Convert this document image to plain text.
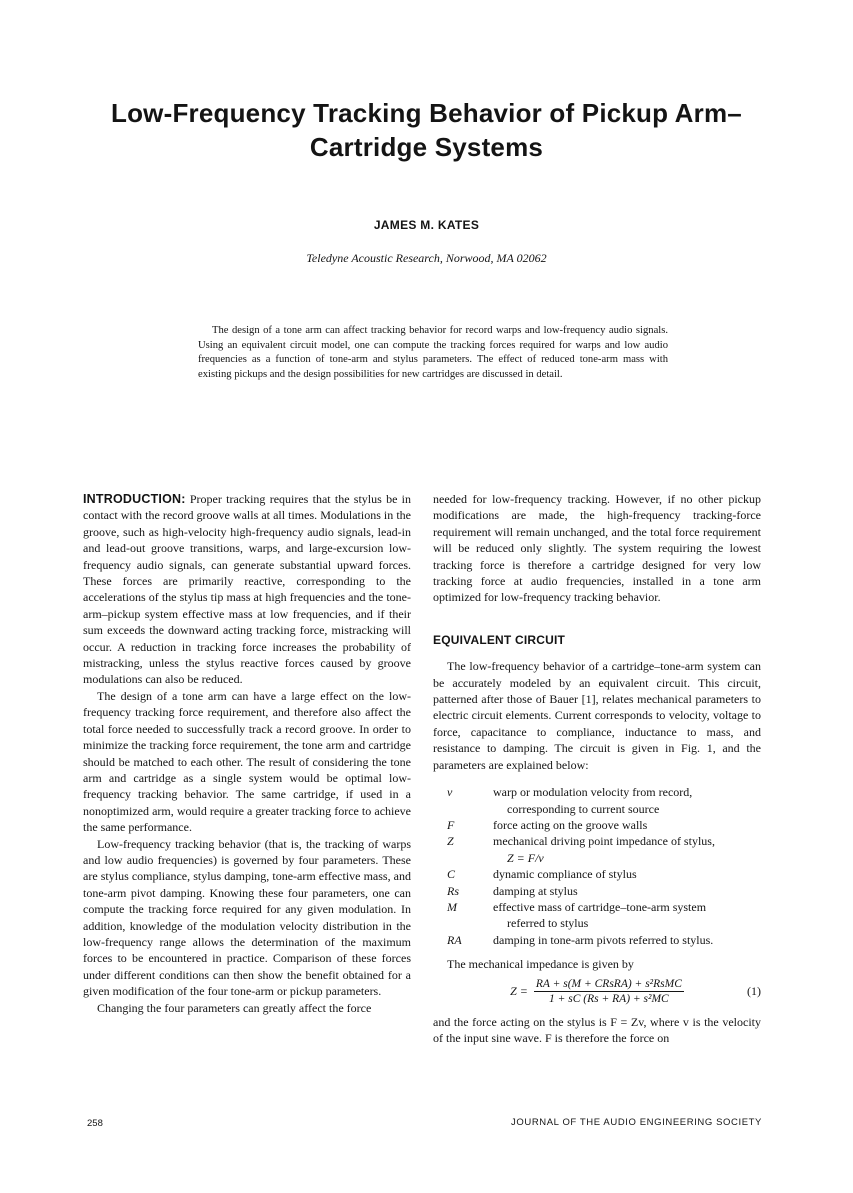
Low-Frequency Tracking Behavior of Pickup Arm–
Cartridge Systems
JAMES M. KATES
Teledyne Acoustic Research, Norwood, MA 02062

The design of a tone arm can affect tracking behavior for record warps and low-frequency audio signals. Using an equivalent circuit model, one can compute the tracking forces required for warps and low audio frequencies as a function of tone-arm and stylus parameters. The effect of reduced tone-arm mass with existing pickups and the design possibilities for new cartridges are discussed in detail.

INTRODUCTION: Proper tracking requires that the stylus be in contact with the record groove walls at all times. Modulations in the groove, such as high-velocity high-frequency audio signals, lead-in and lead-out groove transitions, warps, and large-excursion low-frequency audio signals, can generate substantial upward forces. These forces are primarily reactive, corresponding to the accelerations of the stylus tip mass at high frequencies and the tone-arm–pickup system effective mass at low frequencies, and if their sum exceeds the downward acting tracking force, mistracking will occur. A reduction in tracking force increases the probability of mistracking, unless the stylus reactive forces caused by groove modulations can also be reduced.

The design of a tone arm can have a large effect on the low-frequency tracking force requirement, and therefore also affect the total force needed to successfully track a record groove. In order to minimize the tracking force requirement, the tone arm and cartridge should be matched to each other. The result of considering the tone arm and cartridge as a single system would be optimal low-frequency tracking behavior. The same cartridge, if used in a nonoptimized arm, would require a greater tracking force to achieve the same performance.

Low-frequency tracking behavior (that is, the tracking of warps and low audio frequencies) is governed by four parameters. These are stylus compliance, stylus damping, tone-arm effective mass, and tone-arm pivot damping. Knowing these four parameters, one can compute the tracking force required for any given modulation. In addition, knowledge of the modulation velocity distribution in the low-frequency range allows the determination of the maximum forces to be encountered in practice. Comparison of these forces under different conditions can then show the benefit obtained for a given modification of the four tone-arm or pickup parameters.

Changing the four parameters can greatly affect the force

needed for low-frequency tracking. However, if no other pickup modifications are made, the high-frequency tracking-force requirement will remain unchanged, and the total force requirement will be reduced only slightly. The system requiring the lowest tracking force is therefore a cartridge designed for very low tracking force at audio frequencies, installed in a tone arm optimized for low-frequency tracking behavior.

EQUIVALENT CIRCUIT

The low-frequency behavior of a cartridge–tone-arm system can be accurately modeled by an equivalent circuit. This circuit, patterned after those of Bauer [1], relates mechanical parameters to electric circuit elements. Current corresponds to velocity, voltage to force, capacitance to compliance, inductance to mass, and resistance to damping. The circuit is given in Fig. 1, and the parameters are explained below:

v	warp or modulation velocity from record,
corresponding to current source
F	force acting on the groove walls
Z	mechanical driving point impedance of stylus,
Z = F/v
C	dynamic compliance of stylus
Rs	damping at stylus
M	effective mass of cartridge–tone-arm system
referred to stylus
RA	damping in tone-arm pivots referred to stylus.

The mechanical impedance is given by

$Z = \frac{\text{RA + s(M + CRsRA) + s²RsMC}}{\text{1 + sC (Rs + RA) + s²MC}}$	(1)

and the force acting on the stylus is F = Zv, where v is the velocity of the input sine wave. F is therefore the force on

258	JOURNAL OF THE AUDIO ENGINEERING SOCIETY
